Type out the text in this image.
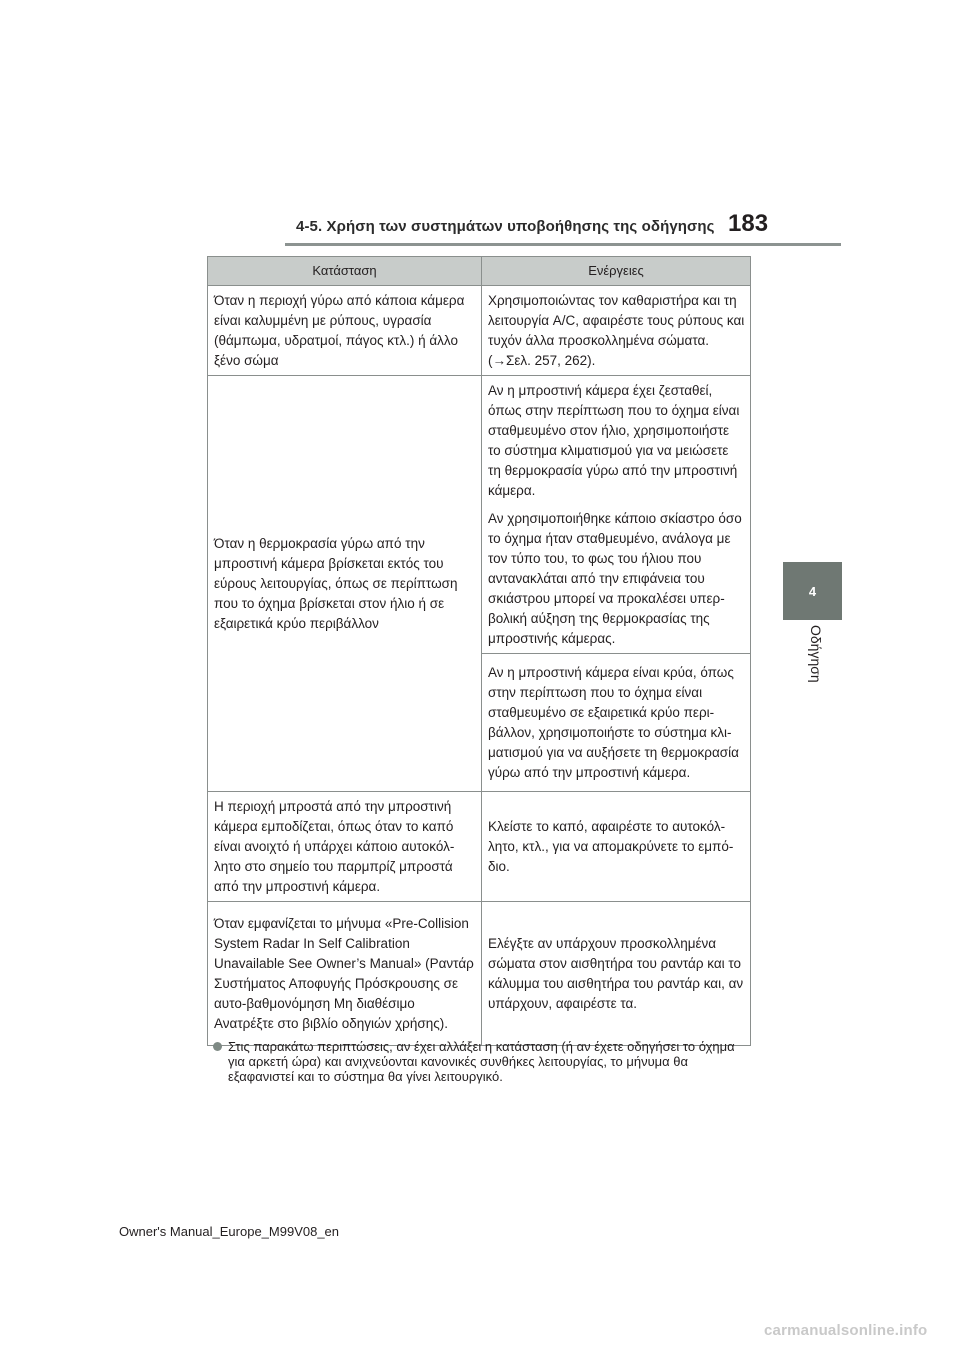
4-5. Χρήση των συστημάτων υποβοήθησης της οδήγησης 183
4
Οδήγηση
Κατάσταση	Ενέργειες
Όταν η περιοχή γύρω από κάποια κάμερα είναι καλυμμένη με ρύπους, υγρασία (θάμπωμα, υδρατμοί, πάγος κτλ.) ή άλλο ξένο σώμα	Χρησιμοποιώντας τον καθαριστήρα και τη λειτουργία A/C, αφαιρέστε τους ρύπους και τυχόν άλλα προσκολλημένα σώματα. (→Σελ. 257, 262).
Όταν η θερμοκρασία γύρω από την μπροστινή κάμερα βρίσκεται εκτός του εύρους λειτουργίας, όπως σε περίπτωση που το όχημα βρίσκεται στον ήλιο ή σε εξαιρετικά κρύο περιβάλλον	Αν η μπροστινή κάμερα έχει ζεσταθεί, όπως στην περίπτωση που το όχημα είναι σταθμευμένο στον ήλιο, χρησιμοποιήστε το σύστημα κλιματισμού για να μειώσετε τη θερμοκρασία γύρω από την μπροστινή κάμερα.
Αν χρησιμοποιήθηκε κάποιο σκίαστρο όσο το όχημα ήταν σταθμευμένο, ανάλογα με τον τύπο του, το φως του ήλιου που αντανακλάται από την επιφάνεια του σκιάστρου μπορεί να προκαλέσει υπερβολική αύξηση της θερμοκρασίας της μπροστινής κάμερας.

	Αν η μπροστινή κάμερα είναι κρύα, όπως στην περίπτωση που το όχημα είναι σταθμευμένο σε εξαιρετικά κρύο περιβάλλον, χρησιμοποιήστε το σύστημα κλιματισμού για να αυξήσετε τη θερμοκρασία γύρω από την μπροστινή κάμερα.
Η περιοχή μπροστά από την μπροστινή κάμερα εμποδίζεται, όπως όταν το καπό είναι ανοιχτό ή υπάρχει κάποιο αυτοκόλλητο στο σημείο του παρμπρίζ μπροστά από την μπροστινή κάμερα.	Κλείστε το καπό, αφαιρέστε το αυτοκόλλητο, κτλ., για να απομακρύνετε το εμπόδιο.
Όταν εμφανίζεται το μήνυμα «Pre-Collision System Radar In Self Calibration Unavailable See Owner’s Manual» (Ραντάρ Συστήματος Αποφυγής Πρόσκρουσης σε αυτο-βαθμονόμηση Μη διαθέσιμο Ανατρέξτε στο βιβλίο οδηγιών χρήσης).	Ελέγξτε αν υπάρχουν προσκολλημένα σώματα στον αισθητήρα του ραντάρ και το κάλυμμα του αισθητήρα του ραντάρ και, αν υπάρχουν, αφαιρέστε τα.
Στις παρακάτω περιπτώσεις, αν έχει αλλάξει η κατάσταση (ή αν έχετε οδηγήσει το όχημα για αρκετή ώρα) και ανιχνεύονται κανονικές συνθήκες λειτουργίας, το μήνυμα θα εξαφανιστεί και το σύστημα θα γίνει λειτουργικό.
Owner's Manual_Europe_M99V08_en
carmanualsonline.info
